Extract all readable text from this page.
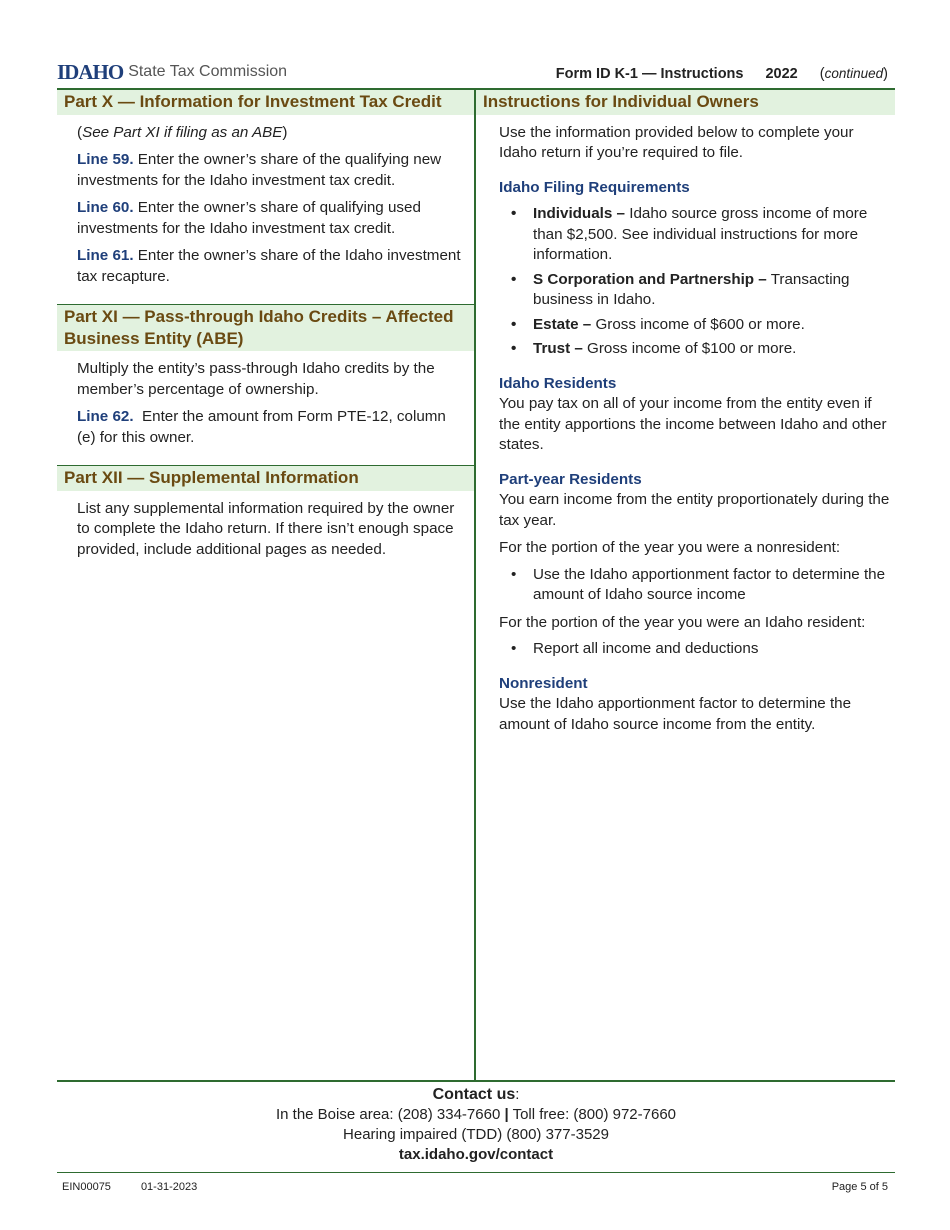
IDAHO State Tax Commission	Form ID K-1 — Instructions 2022 (continued)
Part X — Information for Investment Tax Credit

(See Part XI if filing as an ABE)

Line 59. Enter the owner’s share of the qualifying new investments for the Idaho investment tax credit.

Line 60. Enter the owner’s share of qualifying used investments for the Idaho investment tax credit.

Line 61. Enter the owner’s share of the Idaho investment tax recapture.

Part XI — Pass-through Idaho Credits – Affected Business Entity (ABE)

Multiply the entity’s pass-through Idaho credits by the member’s percentage of ownership.

Line 62.  Enter the amount from Form PTE-12, column (e) for this owner.

Part XII — Supplemental Information

List any supplemental information required by the owner to complete the Idaho return. If there isn’t enough space provided, include additional pages as needed.

Instructions for Individual Owners

Use the information provided below to complete your Idaho return if you’re required to file.

Idaho Filing Requirements
• Individuals – Idaho source gross income of more than $2,500. See individual instructions for more information.
• S Corporation and Partnership – Transacting business in Idaho.
• Estate – Gross income of $600 or more.
• Trust – Gross income of $100 or more.
Idaho Residents

You pay tax on all of your income from the entity even if the entity apportions the income between Idaho and other states.

Part-year Residents

You earn income from the entity proportionately during the tax year.

For the portion of the year you were a nonresident:

• Use the Idaho apportionment factor to determine the amount of Idaho source income

For the portion of the year you were an Idaho resident:

• Report all income and deductions
Nonresident

Use the Idaho apportionment factor to determine the amount of Idaho source income from the entity.

Contact us:
In the Boise area: (208) 334-7660 | Toll free: (800) 972-7660
Hearing impaired (TDD) (800) 377-3529
tax.idaho.gov/contact
EIN00075	01-31-2023	Page 5 of 5
